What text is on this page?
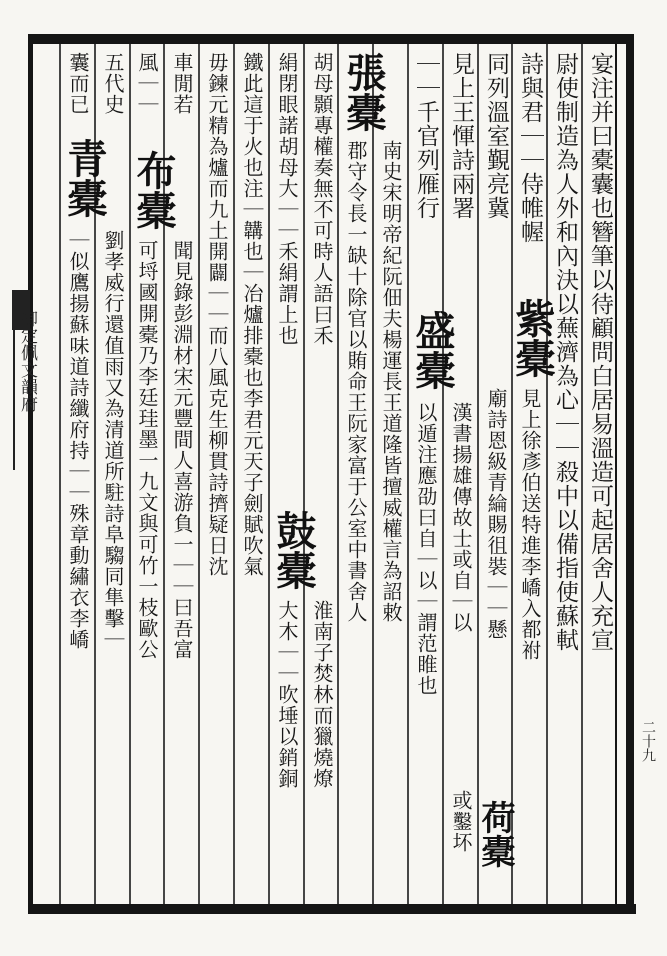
宴注并曰橐囊也簪筆以待顧問白居易溫造可起居舍人充宣
尉使制造為人外和內決以蕪濟為心｜｜殺中以備指使蘇軾
詩與君｜｜侍帷幄
同列溫室覲亮冀
見上王惲詩兩署
｜｜千官列雁行
紫橐
見上徐彥伯送特進李嶠入都祔
廟詩恩級青綸賜徂裝｜｜懸
荷橐
盛橐
漢書揚雄傳故士或自｜以
以遁注應劭曰自｜以｜謂范睢也
或鑿坏
張橐
南史宋明帝紀阮佃夫楊運長王道隆皆擅威權言為詔敕
郡守令長一缺十除官以賄命王阮家富于公室中書舍人
胡母顥專權奏無不可時人語曰禾
絹閉眼諾胡母大｜｜禾絹謂上也
鼓橐
大木｜｜吹埵以銷銅 淮南子焚林而獵燒燎
鐵此這于火也注｜韝也｜冶爐排橐也李君元天子劍賦吹氣
毋鍊元精為爐而九土開闢｜｜而八風克生柳貫詩擠疑日沈
車閒若
風｜｜
布橐
聞見錄彭淵材宋元豐間人喜游負一｜｜曰吾富
可埒國開橐乃李廷珪墨一九文與可竹一枝歐公
五代史
囊而已
青橐
劉孝威行還值雨又為清道所駐詩阜騶同隼擊｜
｜似鷹揚蘇味道詩纖府持｜｜殊章動繡衣李嶠
御定佩文韻府
二十九
